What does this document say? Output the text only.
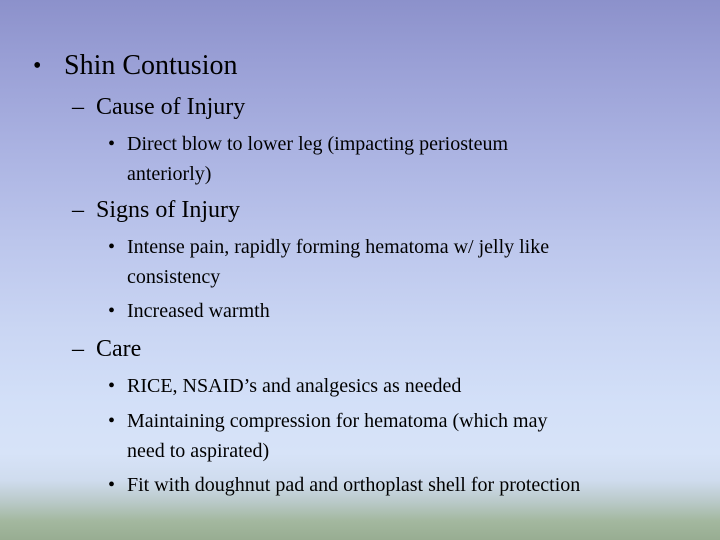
• Shin Contusion
– Cause of Injury
• Direct blow to lower leg (impacting periosteum
anteriorly)
– Signs of Injury
• Intense pain, rapidly forming hematoma w/ jelly like
consistency
• Increased warmth
– Care
• RICE, NSAID’s and analgesics as needed
• Maintaining compression for hematoma (which may
need to aspirated)
• Fit with doughnut pad and orthoplast shell for protection
